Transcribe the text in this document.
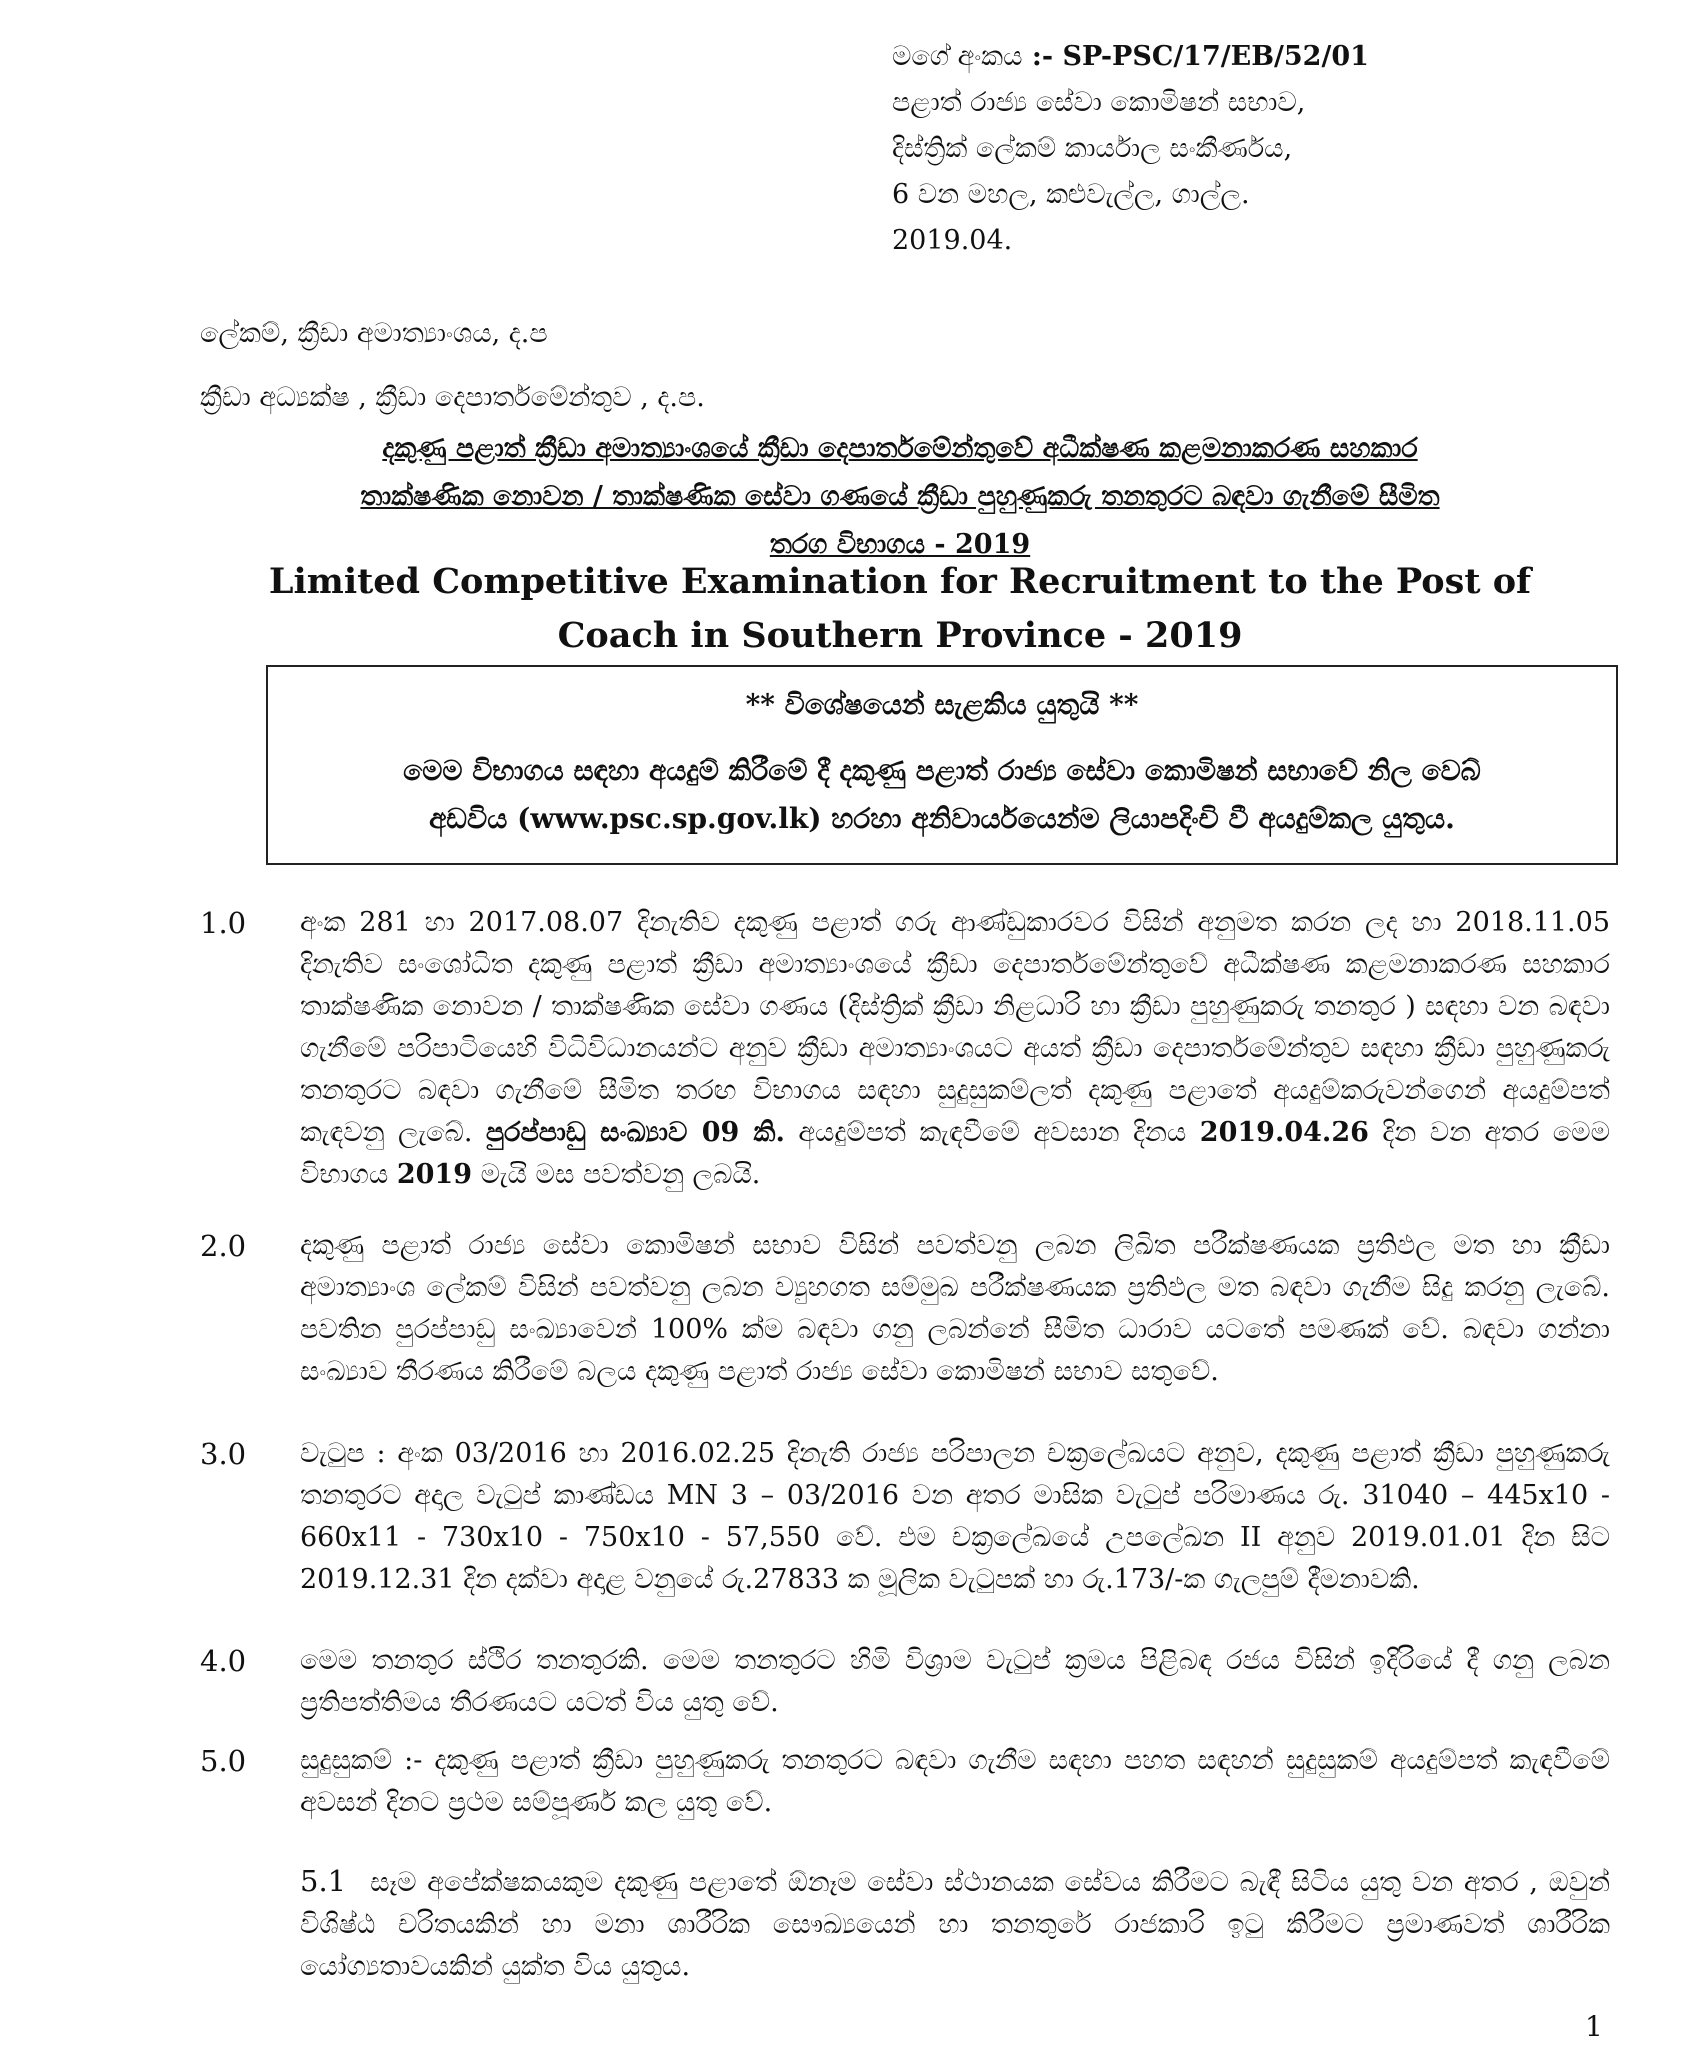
මගේ අංකය :- SP-PSC/17/EB/52/01
පළාත් රාජ්‍ය සේවා කොමිෂන් සභාව,
දිස්ත්‍රික් ලේකම් කාර්යාල සංකීර්ණය,
6 වන මහල, කළුවැල්ල, ගාල්ල.
2019.04.
ලේකම්, ක්‍රීඩා අමාත්‍යාංශය, ද.ප
ක්‍රීඩා අධ්‍යක්ෂ , ක්‍රීඩා දෙපාර්තමේන්තුව , ද.ප.
දකුණු පළාත් ක්‍රීඩා අමාත්‍යාංශයේ ක්‍රීඩා දෙපාර්තමේන්තුවේ අධීක්ෂණ කළමනාකරණ සහකාර
තාක්ෂණික නොවන / තාක්ෂණික සේවා ගණයේ ක්‍රීඩා පුහුණුකරු තනතුරට බඳවා ගැනීමේ සීමිත
තරග විභාගය - 2019
Limited Competitive Examination for Recruitment to the Post of
Coach in Southern Province - 2019
** විශේෂයෙන් සැළකිය යුතුයි **
මෙම විභාගය සඳහා අයදුම් කිරීමේ දී දකුණු පළාත් රාජ්‍ය සේවා කොමිෂන් සභාවේ නිල වෙබ්
අඩවිය (www.psc.sp.gov.lk) හරහා අනිවාර්යයෙන්ම ලියාපදිංචි වී අයදුම්කල යුතුය.
1.0	අංක 281 හා 2017.08.07 දිනැතිව දකුණු පළාත් ගරු ආණ්ඩුකාරවර විසින් අනුමත කරන ලද හා 2018.11.05 දිනැතිව සංශෝධිත දකුණු පළාත් ක්‍රීඩා අමාත්‍යාංශයේ ක්‍රීඩා දෙපාර්තමේන්තුවේ අධීක්ෂණ කළමනාකරණ සහකාර තාක්ෂණික නොවන / තාක්ෂණික සේවා ගණය (දිස්ත්‍රික් ක්‍රීඩා නිළධාරි හා ක්‍රීඩා පුහුණුකරු තනතුර ) සඳහා වන බඳවා ගැනීමේ පරිපාටියෙහි විධිවිධානයන්ට අනුව ක්‍රීඩා අමාත්‍යාංශයට අයත් ක්‍රීඩා දෙපාර්තමේන්තුව සඳහා ක්‍රීඩා පුහුණුකරු තනතුරට බඳවා ගැනීමේ සීමිත තරඟ විභාගය සඳහා සුදුසුකම්ලත් දකුණු පළාතේ අයදුම්කරුවන්ගෙන් අයදුම්පත් කැඳවනු ලැබේ. පුරප්පාඩු සංඛ්‍යාව 09 කි. අයදුම්පත් කැඳවීමේ අවසාන දිනය 2019.04.26 දින වන අතර මෙම විභාගය 2019 මැයි මස පවත්වනු ලබයි.
2.0	දකුණු පළාත් රාජ්‍ය සේවා කොමිෂන් සභාව විසින් පවත්වනු ලබන ලිඛිත පරීක්ෂණයක ප්‍රතිඵල මත හා ක්‍රීඩා අමාත්‍යාංශ ලේකම් විසින් පවත්වනු ලබන ව්‍යුහගත සම්මුඛ පරීක්ෂණයක ප්‍රතිඵල මත බඳවා ගැනීම සිදු කරනු ලැබේ. පවතින පුරප්පාඩු සංඛ්‍යාවෙන් 100% ක්ම බඳවා ගනු ලබන්නේ සීමිත ධාරාව යටතේ පමණක් වේ. බඳවා ගන්නා සංඛ්‍යාව තීරණය කිරීමේ බලය දකුණු පළාත් රාජ්‍ය සේවා කොමිෂන් සභාව සතුවේ.
3.0	වැටුප : අංක 03/2016 හා 2016.02.25 දිනැති රාජ්‍ය පරිපාලන චක්‍රලේඛයට අනුව, දකුණු පළාත් ක්‍රීඩා පුහුණුකරු තනතුරට අදාල වැටුප් කාණ්ඩය MN 3 – 03/2016 වන අතර මාසික වැටුප් පරිමාණය රු. 31040 – 445x10 - 660x11 - 730x10 - 750x10 - 57,550 වේ. එම චක්‍රලේඛයේ උපලේඛන II අනුව 2019.01.01 දින සිට 2019.12.31 දින දක්වා අදාළ වනුයේ රු.27833 ක මූලික වැටුපක් හා රු.173/-ක ගැලපුම් දීමනාවකි.
4.0	මෙම තනතුර ස්ථිර තනතුරකි. මෙම තනතුරට හිමි විශ්‍රාම වැටුප් ක්‍රමය පිළිබඳ රජය විසින් ඉදිරියේ දී ගනු ලබන ප්‍රතිපත්තිමය තීරණයට යටත් විය යුතු වේ.
5.0	සුදුසුකම් :- දකුණු පළාත් ක්‍රීඩා පුහුණුකරු තනතුරට බඳවා ගැනීම සඳහා පහත සඳහන් සුදුසුකම් අයදුම්පත් කැඳවීමේ අවසන් දිනට ප්‍රථම සම්පූර්ණ කල යුතු වේ.
5.1 සෑම අපේක්ෂකයකුම දකුණු පළාතේ ඕනෑම සේවා ස්ථානයක සේවය කිරීමට බැඳී සිටිය යුතු වන අතර , ඔවුන් විශිෂ්ඨ චරිතයකින් හා මනා ශාරීරික සෞඛ්‍යයෙන් හා තනතුරේ රාජකාරි ඉටු කිරීමට ප්‍රමාණවත් ශාරීරික යෝග්‍යතාවයකින් යුක්ත විය යුතුය.
1
